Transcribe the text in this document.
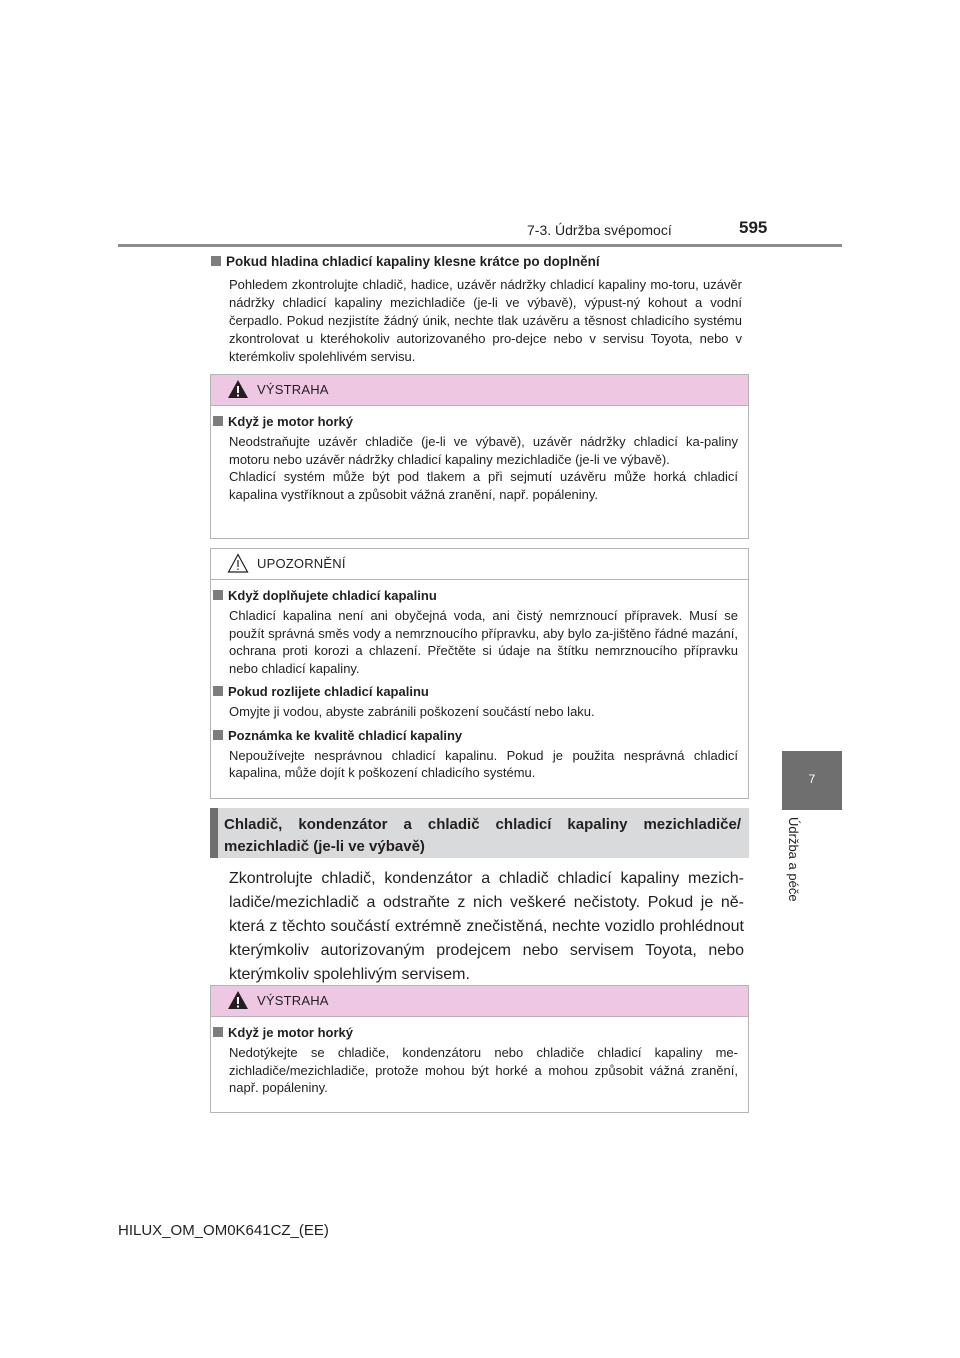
7-3. Údržba svépomocí	595
7
Údržba a péče
Pokud hladina chladicí kapaliny klesne krátce po doplnění

Pohledem zkontrolujte chladič, hadice, uzávěr nádržky chladicí kapaliny mo-toru, uzávěr nádržky chladicí kapaliny mezichladiče (je-li ve výbavě), výpust-ný kohout a vodní čerpadlo. Pokud nezjistíte žádný únik, nechte tlak uzávěru a těsnost chladicího systému zkontrolovat u kteréhokoliv autorizovaného pro-dejce nebo v servisu Toyota, nebo v kterémkoliv spolehlivém servisu.

VÝSTRAHA
Když je motor horký
Neodstraňujte uzávěr chladiče (je-li ve výbavě), uzávěr nádržky chladicí ka-paliny motoru nebo uzávěr nádržky chladicí kapaliny mezichladiče (je-li ve výbavě).
Chladicí systém může být pod tlakem a při sejmutí uzávěru může horká chladicí kapalina vystříknout a způsobit vážná zranění, např. popáleniny.
UPOZORNĚNÍ
Když doplňujete chladicí kapalinu
Chladicí kapalina není ani obyčejná voda, ani čistý nemrznoucí přípravek. Musí se použít správná směs vody a nemrznoucího přípravku, aby bylo za-jištěno řádné mazání, ochrana proti korozi a chlazení. Přečtěte si údaje na štítku nemrznoucího přípravku nebo chladicí kapaliny.
Pokud rozlijete chladicí kapalinu
Omyjte ji vodou, abyste zabránili poškození součástí nebo laku.
Poznámka ke kvalitě chladicí kapaliny
Nepoužívejte nesprávnou chladicí kapalinu. Pokud je použita nesprávná chladicí kapalina, může dojít k poškození chladicího systému.
Chladič, kondenzátor a chladič chladicí kapaliny mezichladiče/ mezichladič (je-li ve výbavě)

Zkontrolujte chladič, kondenzátor a chladič chladicí kapaliny mezich-ladiče/mezichladič a odstraňte z nich veškeré nečistoty. Pokud je ně-která z těchto součástí extrémně znečistěná, nechte vozidlo prohlédnout kterýmkoliv autorizovaným prodejcem nebo servisem Toyota, nebo kterýmkoliv spolehlivým servisem.

VÝSTRAHA
Když je motor horký
Nedotýkejte se chladiče, kondenzátoru nebo chladiče chladicí kapaliny me-zichladiče/mezichladiče, protože mohou být horké a mohou způsobit vážná zranění, např. popáleniny.
HILUX_OM_OM0K641CZ_(EE)
